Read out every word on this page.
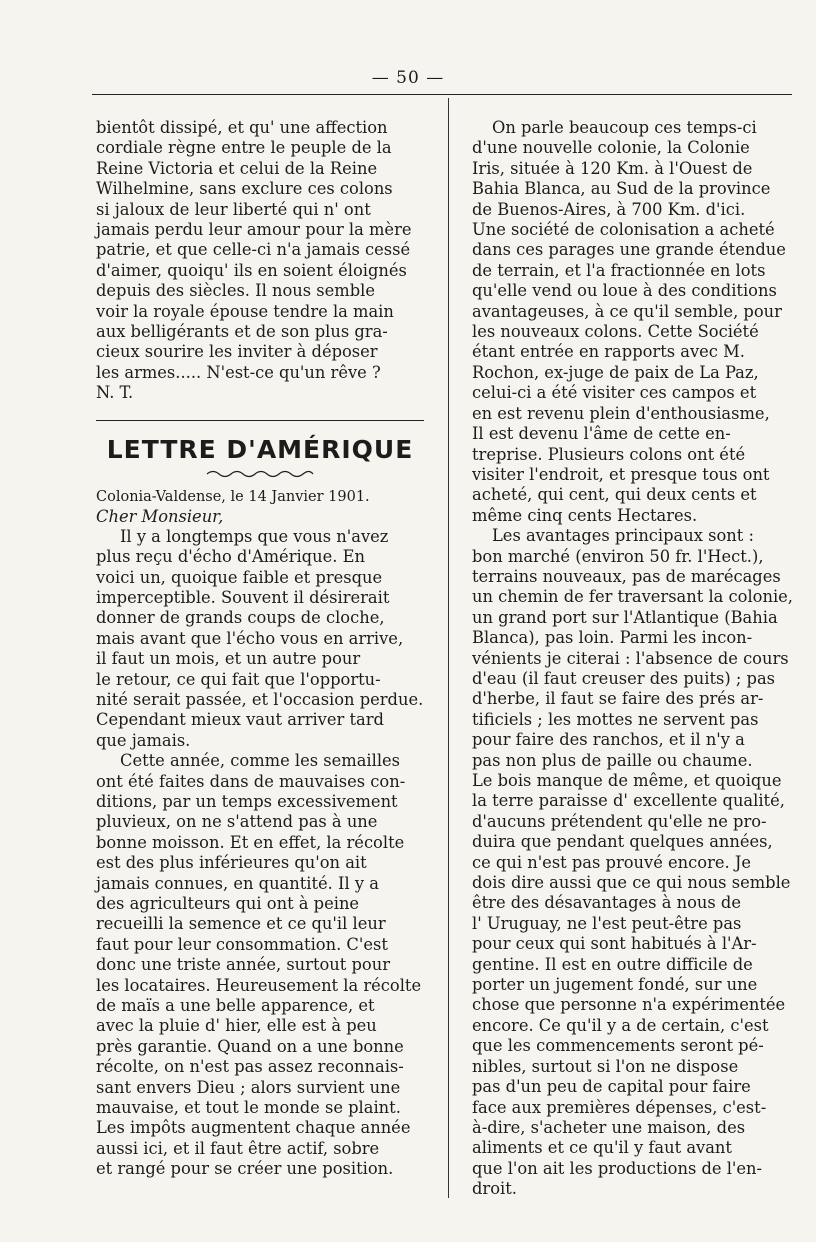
— 50 —

bientôt dissipé, et qu' une affection
cordiale règne entre le peuple de la
Reine Victoria et celui de la Reine
Wilhelmine, sans exclure ces colons
si jaloux de leur liberté qui n' ont
jamais perdu leur amour pour la mère
patrie, et que celle-ci n'a jamais cessé
d'aimer, quoiqu' ils en soient éloignés
depuis des siècles. Il nous semble
voir la royale épouse tendre la main
aux belligérants et de son plus gra-
cieux sourire les inviter à déposer
les armes..... N'est-ce qu'un rêve ?

N. T.

LETTRE D'AMÉRIQUE

Colonia-Valdense, le 14 Janvier 1901.

Cher Monsieur,

Il y a longtemps que vous n'avez
plus reçu d'écho d'Amérique. En
voici un, quoique faible et presque
imperceptible. Souvent il désirerait
donner de grands coups de cloche,
mais avant que l'écho vous en arrive,
il faut un mois, et un autre pour
le retour, ce qui fait que l'opportu-
nité serait passée, et l'occasion perdue.
Cependant mieux vaut arriver tard
que jamais.

Cette année, comme les semailles
ont été faites dans de mauvaises con-
ditions, par un temps excessivement
pluvieux, on ne s'attend pas à une
bonne moisson. Et en effet, la récolte
est des plus inférieures qu'on ait
jamais connues, en quantité. Il y a
des agriculteurs qui ont à peine
recueilli la semence et ce qu'il leur
faut pour leur consommation. C'est
donc une triste année, surtout pour
les locataires. Heureusement la récolte
de maïs a une belle apparence, et
avec la pluie d' hier, elle est à peu
près garantie. Quand on a une bonne
récolte, on n'est pas assez reconnais-
sant envers Dieu ; alors survient une
mauvaise, et tout le monde se plaint.
Les impôts augmentent chaque année
aussi ici, et il faut être actif, sobre
et rangé pour se créer une position.

On parle beaucoup ces temps-ci
d'une nouvelle colonie, la Colonie
Iris, située à 120 Km. à l'Ouest de
Bahia Blanca, au Sud de la province
de Buenos-Aires, à 700 Km. d'ici.
Une société de colonisation a acheté
dans ces parages une grande étendue
de terrain, et l'a fractionnée en lots
qu'elle vend ou loue à des conditions
avantageuses, à ce qu'il semble, pour
les nouveaux colons. Cette Société
étant entrée en rapports avec M.
Rochon, ex-juge de paix de La Paz,
celui-ci a été visiter ces campos et
en est revenu plein d'enthousiasme,
Il est devenu l'âme de cette en-
treprise. Plusieurs colons ont été
visiter l'endroit, et presque tous ont
acheté, qui cent, qui deux cents et
même cinq cents Hectares.

Les avantages principaux sont :
bon marché (environ 50 fr. l'Hect.),
terrains nouveaux, pas de marécages
un chemin de fer traversant la colonie,
un grand port sur l'Atlantique (Bahia
Blanca), pas loin. Parmi les incon-
vénients je citerai : l'absence de cours
d'eau (il faut creuser des puits) ; pas
d'herbe, il faut se faire des prés ar-
tificiels ; les mottes ne servent pas
pour faire des ranchos, et il n'y a
pas non plus de paille ou chaume.
Le bois manque de même, et quoique
la terre paraisse d' excellente qualité,
d'aucuns prétendent qu'elle ne pro-
duira que pendant quelques années,
ce qui n'est pas prouvé encore. Je
dois dire aussi que ce qui nous semble
être des désavantages à nous de
l' Uruguay, ne l'est peut-être pas
pour ceux qui sont habitués à l'Ar-
gentine. Il est en outre difficile de
porter un jugement fondé, sur une
chose que personne n'a expérimentée
encore. Ce qu'il y a de certain, c'est
que les commencements seront pé-
nibles, surtout si l'on ne dispose
pas d'un peu de capital pour faire
face aux premières dépenses, c'est-
à-dire, s'acheter une maison, des
aliments et ce qu'il y faut avant
que l'on ait les productions de l'en-
droit.
